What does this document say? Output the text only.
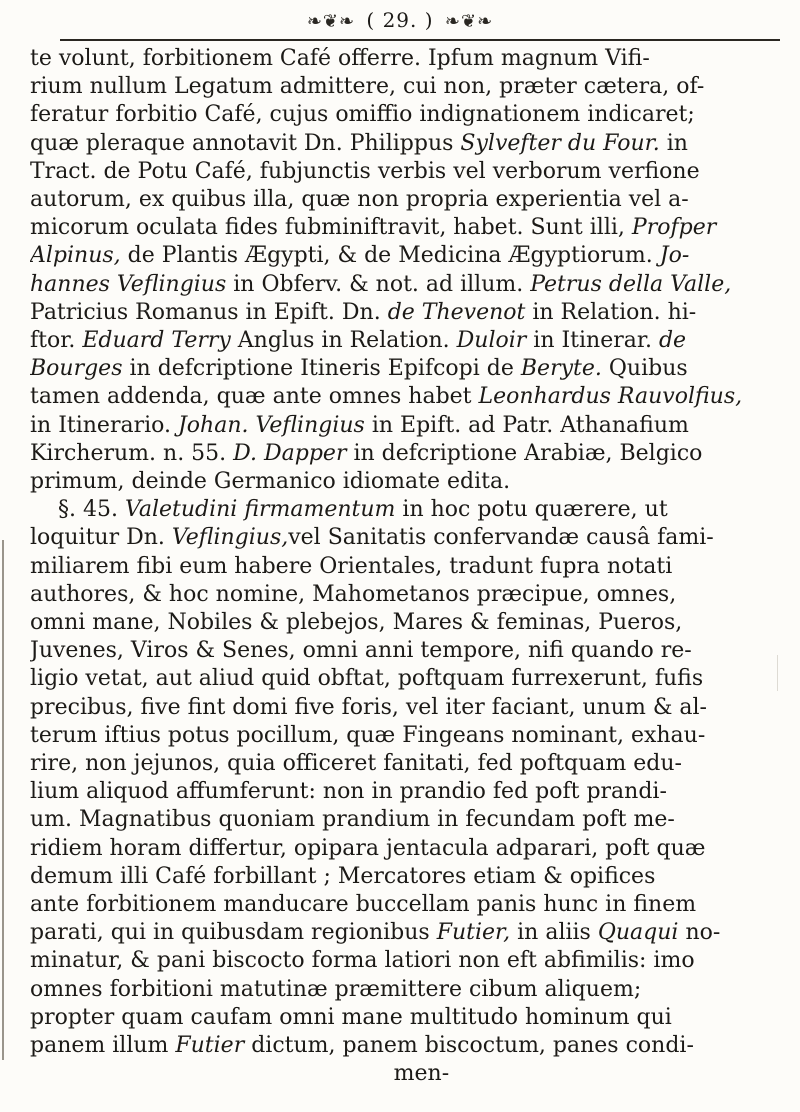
❧❦❧ ( 29. ) ❧❦❧
te volunt, forbitionem Café offerre. Ipfum magnum Vifi-
rium nullum Legatum admittere, cui non, præter cætera, of-
feratur forbitio Café, cujus omiffio indignationem indicaret;
quæ pleraque annotavit Dn. Philippus Sylvefter du Four. in
Tract. de Potu Café, fubjunctis verbis vel verborum verfione
autorum, ex quibus illa, quæ non propria experientia vel a-
micorum oculata fides fubminiftravit, habet. Sunt illi, Profper
Alpinus, de Plantis Ægypti, & de Medicina Ægyptiorum. Jo-
hannes Veflingius in Obferv. & not. ad illum. Petrus della Valle,
Patricius Romanus in Epift. Dn. de Thevenot in Relation. hi-
ftor. Eduard Terry Anglus in Relation. Duloir in Itinerar. de
Bourges in defcriptione Itineris Epifcopi de Beryte. Quibus
tamen addenda, quæ ante omnes habet Leonhardus Rauvolfius,
in Itinerario. Johan. Veflingius in Epift. ad Patr. Athanafium
Kircherum. n. 55. D. Dapper in defcriptione Arabiæ, Belgico
primum, deinde Germanico idiomate edita.
§. 45. Valetudini firmamentum in hoc potu quærere, ut
loquitur Dn. Veflingius,vel Sanitatis confervandæ causâ fami-
miliarem fibi eum habere Orientales, tradunt fupra notati
authores, & hoc nomine, Mahometanos præcipue, omnes,
omni mane, Nobiles & plebejos, Mares & feminas, Pueros,
Juvenes, Viros & Senes, omni anni tempore, nifi quando re-
ligio vetat, aut aliud quid obftat, poftquam furrexerunt, fufis
precibus, five fint domi five foris, vel iter faciant, unum & al-
terum iftius potus pocillum, quæ Fingeans nominant, exhau-
rire, non jejunos, quia officeret fanitati, fed poftquam edu-
lium aliquod affumferunt: non in prandio fed poft prandi-
um. Magnatibus quoniam prandium in fecundam poft me-
ridiem horam differtur, opipara jentacula adparari, poft quæ
demum illi Café forbillant ; Mercatores etiam & opifices
ante forbitionem manducare buccellam panis hunc in finem
parati, qui in quibusdam regionibus Futier, in aliis Quaqui no-
minatur, & pani biscocto forma latiori non eft abfimilis: imo
omnes forbitioni matutinæ præmittere cibum aliquem;
propter quam caufam omni mane multitudo hominum qui
panem illum Futier dictum, panem biscoctum, panes condi-
men-
